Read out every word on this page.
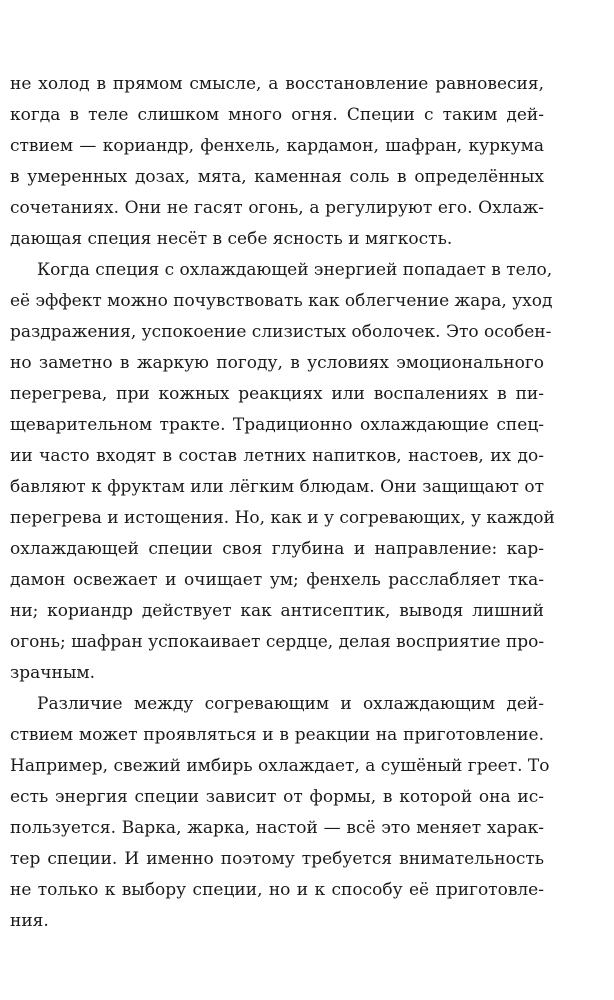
не холод в прямом смысле, а восстановление равновесия,
когда в теле слишком много огня. Специи с таким дей-
ствием — кориандр, фенхель, кардамон, шафран, куркума
в умеренных дозах, мята, каменная соль в определённых
сочетаниях. Они не гасят огонь, а регулируют его. Охлаж-
дающая специя несёт в себе ясность и мягкость.
Когда специя с охлаждающей энергией попадает в тело,
её эффект можно почувствовать как облегчение жара, уход
раздражения, успокоение слизистых оболочек. Это особен-
но заметно в жаркую погоду, в условиях эмоционального
перегрева, при кожных реакциях или воспалениях в пи-
щеварительном тракте. Традиционно охлаждающие спец-
ии часто входят в состав летних напитков, настоев, их до-
бавляют к фруктам или лёгким блюдам. Они защищают от
перегрева и истощения. Но, как и у согревающих, у каждой
охлаждающей специи своя глубина и направление: кар-
дамон освежает и очищает ум; фенхель расслабляет тка-
ни; кориандр действует как антисептик, выводя лишний
огонь; шафран успокаивает сердце, делая восприятие про-
зрачным.
Различие между согревающим и охлаждающим дей-
ствием может проявляться и в реакции на приготовление.
Например, свежий имбирь охлаждает, а сушёный греет. То
есть энергия специи зависит от формы, в которой она ис-
пользуется. Варка, жарка, настой — всё это меняет харак-
тер специи. И именно поэтому требуется внимательность
не только к выбору специи, но и к способу её приготовле-
ния.
